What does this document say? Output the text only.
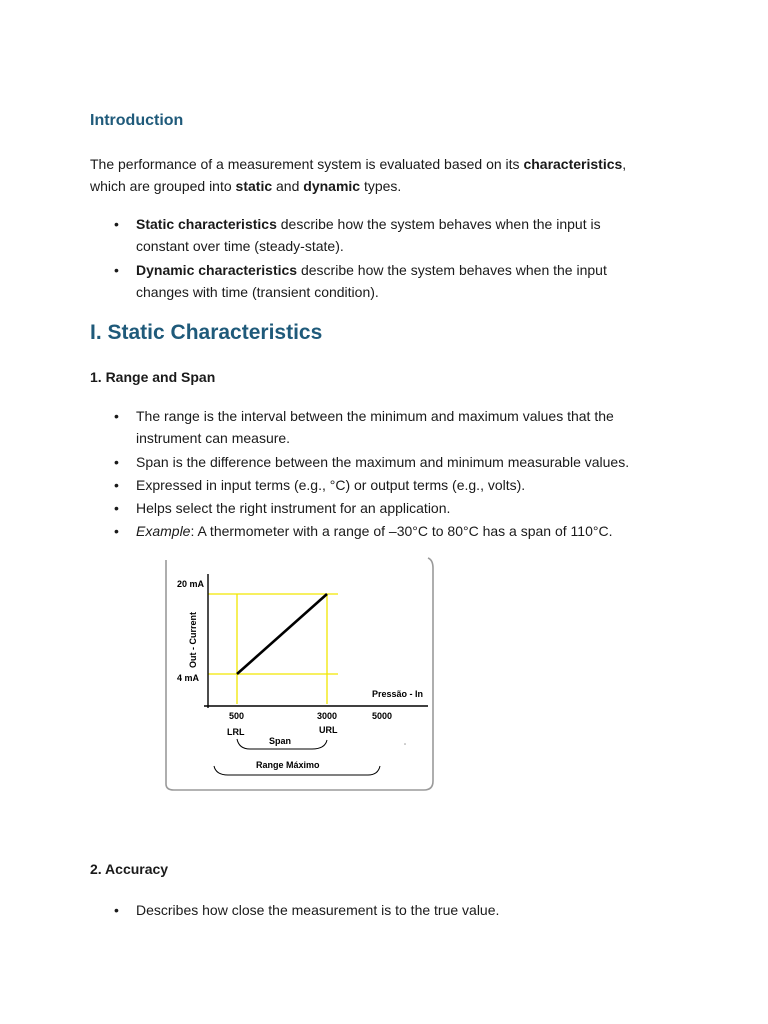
Introduction

The performance of a measurement system is evaluated based on its characteristics,
which are grouped into static and dynamic types.

• Static characteristics describe how the system behaves when the input is
constant over time (steady-state).

• Dynamic characteristics describe how the system behaves when the input
changes with time (transient condition).

I. Static Characteristics
1. Range and Span

• The range is the interval between the minimum and maximum values that the
instrument can measure.

• Span is the difference between the maximum and minimum measurable values.

• Expressed in input terms (e.g., °C) or output terms (e.g., volts).

• Helps select the right instrument for an application.

• Example: A thermometer with a range of –30°C to 80°C has a span of 110°C.

20 mA
4 mA
Out - Current
Pressão - In
500	3000	5000
LRL	URL
Span
Range Máximo
2. Accuracy

• Describes how close the measurement is to the true value.
